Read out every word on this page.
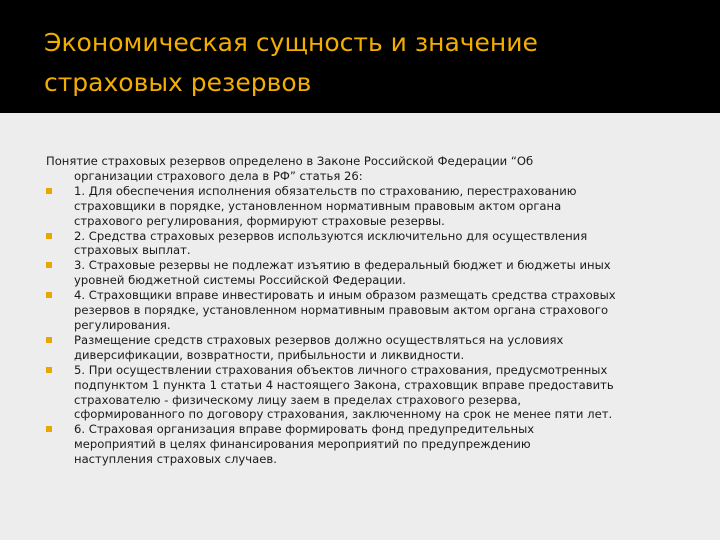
Экономическая сущность и значение
страховых резервов

Понятие страховых резервов определено в Законе Российской Федерации “Об
организации страхового дела в РФ” статья 26:

1. Для обеспечения исполнения обязательств по страхованию, перестрахованию
страховщики в порядке, установленном нормативным правовым актом органа
страхового регулирования, формируют страховые резервы.
2. Средства страховых резервов используются исключительно для осуществления
страховых выплат.
3. Страховые резервы не подлежат изъятию в федеральный бюджет и бюджеты иных
уровней бюджетной системы Российской Федерации.
4. Страховщики вправе инвестировать и иным образом размещать средства страховых
резервов в порядке, установленном нормативным правовым актом органа страхового
регулирования.
Размещение средств страховых резервов должно осуществляться на условиях
диверсификации, возвратности, прибыльности и ликвидности.
5. При осуществлении страхования объектов личного страхования, предусмотренных
подпунктом 1 пункта 1 статьи 4 настоящего Закона, страховщик вправе предоставить
страхователю - физическому лицу заем в пределах страхового резерва,
сформированного по договору страхования, заключенному на срок не менее пяти лет.
6. Страховая организация вправе формировать фонд предупредительных
мероприятий в целях финансирования мероприятий по предупреждению
наступления страховых случаев.
